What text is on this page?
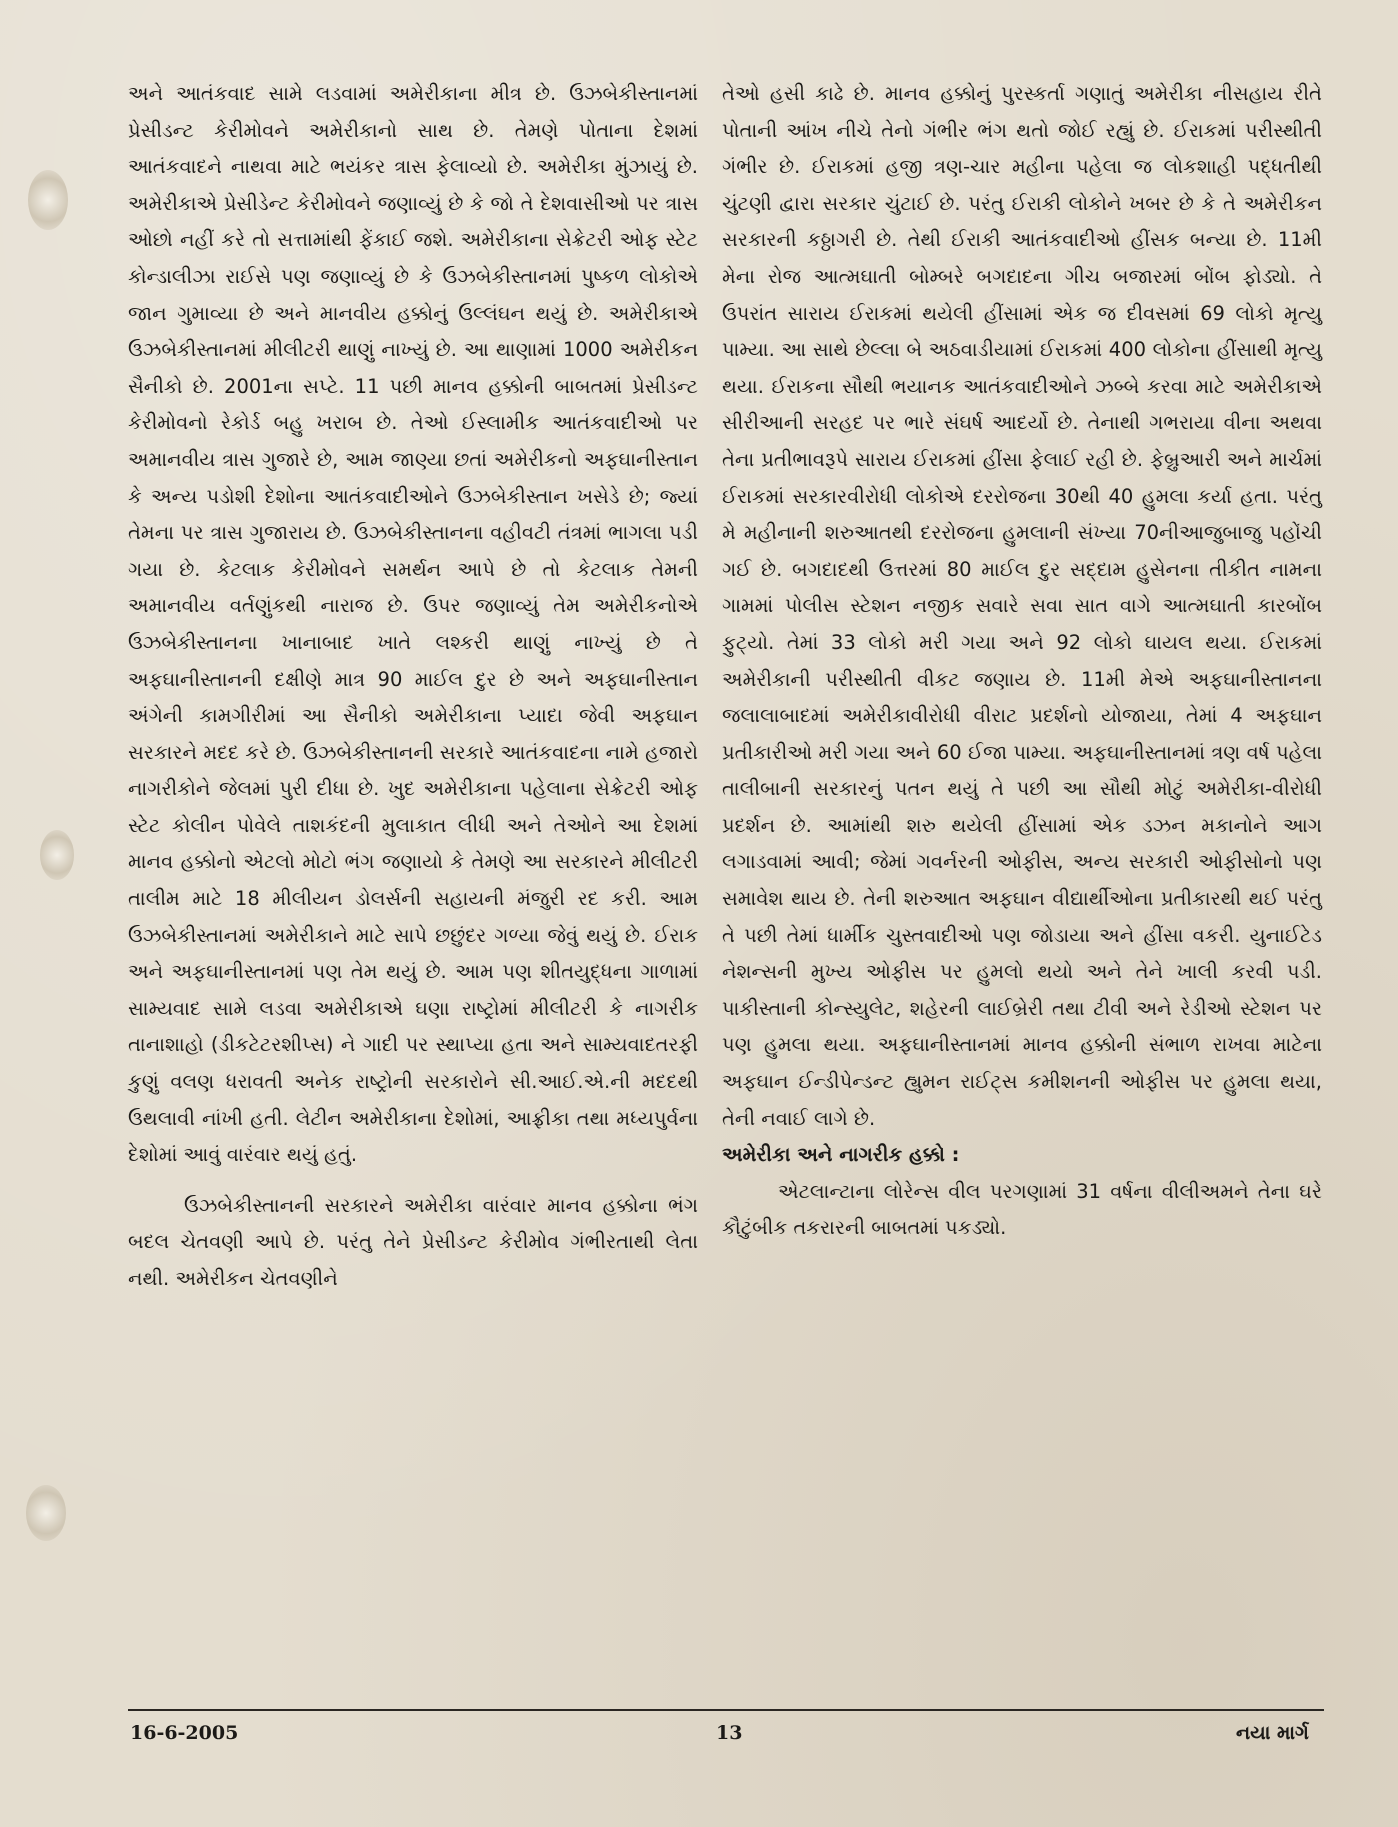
અને આતંકવાદ સામે લડવામાં અમેરીકાના મીત્ર છે. ઉઝબેકીસ્તાનમાં પ્રેસીડન્ટ કેરીમોવને અમેરીકાનો સાથ છે. તેમણે પોતાના દેશમાં આતંકવાદને નાથવા માટે ભયંકર ત્રાસ ફેલાવ્યો છે. અમેરીકા મુંઝાયું છે. અમેરીકાએ પ્રેસીડેન્ટ કેરીમોવને જણાવ્યું છે કે જો તે દેશવાસીઓ પર ત્રાસ ઓછો નહીં કરે તો સત્તામાંથી ફેંકાઈ જશે. અમેરીકાના સેક્રેટરી ઓફ સ્ટેટ કોન્ડાલીઝા રાઈસે પણ જણાવ્યું છે કે ઉઝબેકીસ્તાનમાં પુષ્કળ લોકોએ જાન ગુમાવ્યા છે અને માનવીય હક્કોનું ઉલ્લંઘન થયું છે. અમેરીકાએ ઉઝબેકીસ્તાનમાં મીલીટરી થાણું નાખ્યું છે. આ થાણામાં 1000 અમેરીકન સૈનીકો છે. 2001ના સપ્ટે. 11 પછી માનવ હક્કોની બાબતમાં પ્રેસીડન્ટ કેરીમોવનો રેકોર્ડ બહુ ખરાબ છે. તેઓ ઈસ્લામીક આતંકવાદીઓ પર અમાનવીય ત્રાસ ગુજારે છે, આમ જાણ્યા છતાં અમેરીકનો અફઘાનીસ્તાન કે અન્ય પડોશી દેશોના આતંકવાદીઓને ઉઝબેકીસ્તાન ખસેડે છે; જ્યાં તેમના પર ત્રાસ ગુજારાય છે. ઉઝબેકીસ્તાનના વહીવટી તંત્રમાં ભાગલા પડી ગયા છે. કેટલાક કેરીમોવને સમર્થન આપે છે તો કેટલાક તેમની અમાનવીય વર્તણુંકથી નારાજ છે. ઉપર જણાવ્યું તેમ અમેરીકનોએ ઉઝબેકીસ્તાનના ખાનાબાદ ખાતે લશ્કરી થાણું નાખ્યું છે તે અફઘાનીસ્તાનની દક્ષીણે માત્ર 90 માઈલ દુર છે અને અફઘાનીસ્તાન અંગેની કામગીરીમાં આ સૈનીકો અમેરીકાના પ્યાદા જેવી અફઘાન સરકારને મદદ કરે છે. ઉઝબેકીસ્તાનની સરકારે આતંકવાદના નામે હજારો નાગરીકોને જેલમાં પુરી દીધા છે. ખુદ અમેરીકાના પહેલાના સેક્રેટરી ઓફ સ્ટેટ કોલીન પોવેલે તાશકંદની મુલાકાત લીધી અને તેઓને આ દેશમાં માનવ હક્કોનો એટલો મોટો ભંગ જણાયો કે તેમણે આ સરકારને મીલીટરી તાલીમ માટે 18 મીલીયન ડોલર્સની સહાયની મંજુરી રદ કરી. આમ ઉઝબેકીસ્તાનમાં અમેરીકાને માટે સાપે છછુંદર ગળ્યા જેવું થયું છે. ઈરાક અને અફઘાનીસ્તાનમાં પણ તેમ થયું છે. આમ પણ શીતયુદ્ધના ગાળામાં સામ્યવાદ સામે લડવા અમેરીકાએ ઘણા રાષ્ટ્રોમાં મીલીટરી કે નાગરીક તાનાશાહો (ડીકટેટરશીપ્સ) ને ગાદી પર સ્થાપ્યા હતા અને સામ્યવાદતરફી કુણું વલણ ધરાવતી અનેક રાષ્ટ્રોની સરકારોને સી.આઈ.એ.ની મદદથી ઉથલાવી નાંખી હતી. લેટીન અમેરીકાના દેશોમાં, આફ્રીકા તથા મધ્યપુર્વના દેશોમાં આવું વારંવાર થયું હતું.

ઉઝબેકીસ્તાનની સરકારને અમેરીકા વારંવાર માનવ હક્કોના ભંગ બદલ ચેતવણી આપે છે. પરંતુ તેને પ્રેસીડન્ટ કેરીમોવ ગંભીરતાથી લેતા નથી. અમેરીકન ચેતવણીને

તેઓ હસી કાઢે છે. માનવ હક્કોનું પુરસ્કર્તા ગણાતું અમેરીકા નીસહાય રીતે પોતાની આંખ નીચે તેનો ગંભીર ભંગ થતો જોઈ રહ્યું છે. ઈરાકમાં પરીસ્થીતી ગંભીર છે. ઈરાકમાં હજી ત્રણ-ચાર મહીના પહેલા જ લોકશાહી પદ્ધતીથી ચુંટણી દ્વારા સરકાર ચુંટાઈ છે. પરંતુ ઈરાકી લોકોને ખબર છે કે તે અમેરીકન સરકારની કઠ્ઠાગરી છે. તેથી ઈરાકી આતંકવાદીઓ હીંસક બન્યા છે. 11મી મેના રોજ આત્મઘાતી બોમ્બરે બગદાદના ગીચ બજારમાં બોંબ ફોડ્યો. તે ઉપરાંત સારાય ઈરાકમાં થયેલી હીંસામાં એક જ દીવસમાં 69 લોકો મૃત્યુ પામ્યા. આ સાથે છેલ્લા બે અઠવાડીયામાં ઈરાકમાં 400 લોકોના હીંસાથી મૃત્યુ થયા. ઈરાકના સૌથી ભયાનક આતંકવાદીઓને ઝબ્બે કરવા માટે અમેરીકાએ સીરીઆની સરહદ પર ભારે સંઘર્ષ આદર્યો છે. તેનાથી ગભરાયા વીના અથવા તેના પ્રતીભાવરૂપે સારાય ઈરાકમાં હીંસા ફેલાઈ રહી છે. ફેબ્રુઆરી અને માર્ચમાં ઈરાકમાં સરકારવીરોધી લોકોએ દરરોજના 30થી 40 હુમલા કર્યા હતા. પરંતુ મે મહીનાની શરુઆતથી દરરોજના હુમલાની સંખ્યા 70નીઆજુબાજુ પહોંચી ગઈ છે. બગદાદથી ઉત્તરમાં 80 માઈલ દુર સદ્દામ હુસેનના તીકીત નામના ગામમાં પોલીસ સ્ટેશન નજીક સવારે સવા સાત વાગે આત્મઘાતી કારબોંબ ફુટ્યો. તેમાં 33 લોકો મરી ગયા અને 92 લોકો ઘાયલ થયા. ઈરાકમાં અમેરીકાની પરીસ્થીતી વીકટ જણાય છે. 11મી મેએ અફઘાનીસ્તાનના જલાલાબાદમાં અમેરીકાવીરોધી વીરાટ પ્રદર્શનો યોજાયા, તેમાં 4 અફઘાન પ્રતીકારીઓ મરી ગયા અને 60 ઈજા પામ્યા. અફઘાનીસ્તાનમાં ત્રણ વર્ષ પહેલા તાલીબાની સરકારનું પતન થયું તે પછી આ સૌથી મોટું અમેરીકા-વીરોધી પ્રદર્શન છે. આમાંથી શરુ થયેલી હીંસામાં એક ડઝન મકાનોને આગ લગાડવામાં આવી; જેમાં ગવર્નરની ઓફીસ, અન્ય સરકારી ઓફીસોનો પણ સમાવેશ થાય છે. તેની શરુઆત અફઘાન વીદ્યાર્થીઓના પ્રતીકારથી થઈ પરંતુ તે પછી તેમાં ધાર્મીક ચુસ્તવાદીઓ પણ જોડાયા અને હીંસા વકરી. યુનાઈટેડ નેશન્સની મુખ્ય ઓફીસ પર હુમલો થયો અને તેને ખાલી કરવી પડી. પાકીસ્તાની કોન્સ્યુલેટ, શહેરની લાઈબ્રેરી તથા ટીવી અને રેડીઓ સ્ટેશન પર પણ હુમલા થયા. અફઘાનીસ્તાનમાં માનવ હક્કોની સંભાળ રાખવા માટેના અફઘાન ઈન્ડીપેન્ડન્ટ હ્યુમન રાઈટ્સ કમીશનની ઓફીસ પર હુમલા થયા, તેની નવાઈ લાગે છે.

અમેરીકા અને નાગરીક હક્કો :

એટલાન્ટાના લોરેન્સ વીલ પરગણામાં 31 વર્ષના વીલીઅમને તેના ઘરે કૌટુંબીક તકરારની બાબતમાં પકડ્યો.

16-6-2005	13	નયા માર્ગ
